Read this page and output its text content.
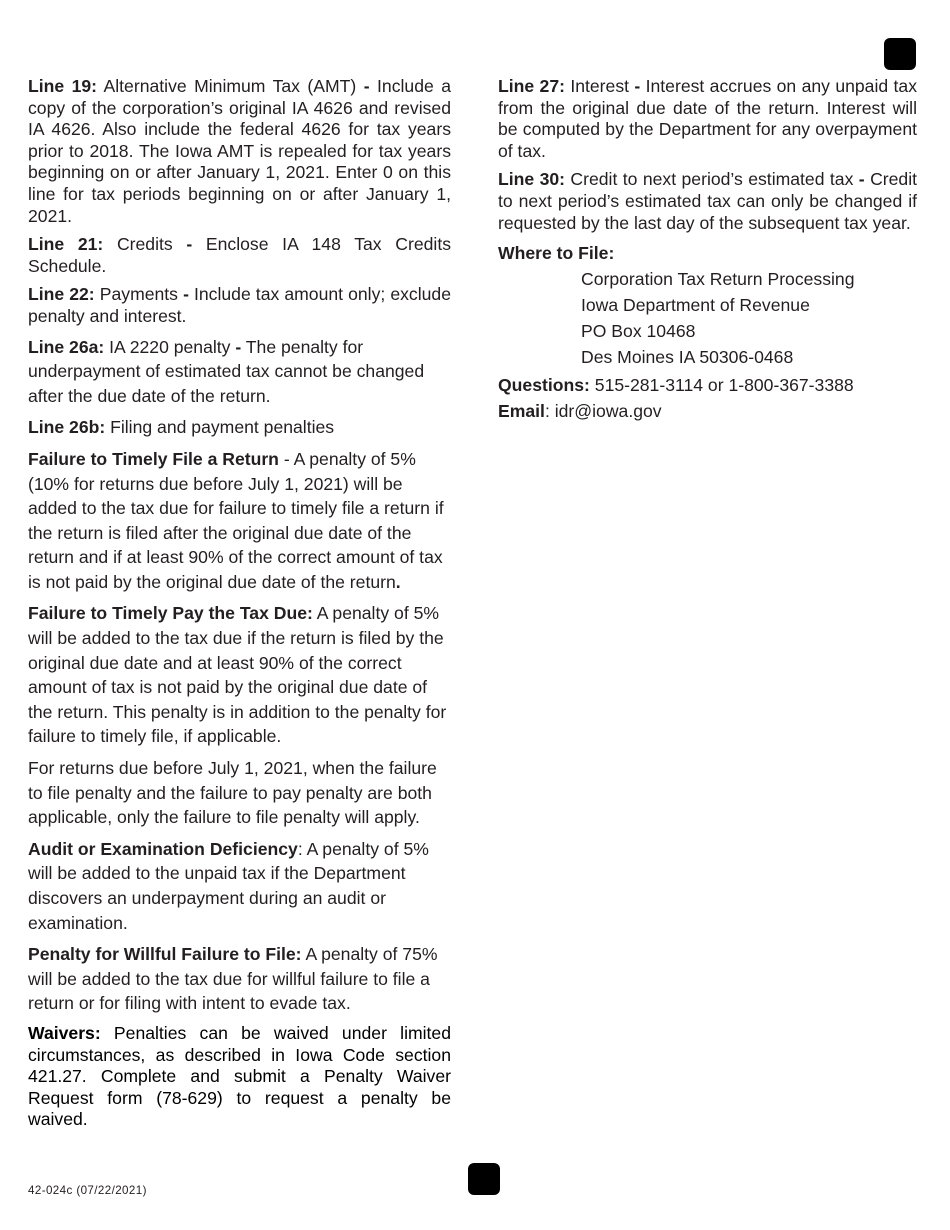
Line 19: Alternative Minimum Tax (AMT) - Include a copy of the corporation’s original IA 4626 and revised IA 4626. Also include the federal 4626 for tax years prior to 2018. The Iowa AMT is repealed for tax years beginning on or after January 1, 2021. Enter 0 on this line for tax periods beginning on or after January 1, 2021.

Line 21: Credits - Enclose IA 148 Tax Credits Schedule.

Line 22: Payments - Include tax amount only; exclude penalty and interest.

Line 26a: IA 2220 penalty - The penalty for underpayment of estimated tax cannot be changed after the due date of the return.

Line 26b: Filing and payment penalties

Failure to Timely File a Return - A penalty of 5% (10% for returns due before July 1, 2021) will be added to the tax due for failure to timely file a return if the return is filed after the original due date of the return and if at least 90% of the correct amount of tax is not paid by the original due date of the return.

Failure to Timely Pay the Tax Due: A penalty of 5% will be added to the tax due if the return is filed by the original due date and at least 90% of the correct amount of tax is not paid by the original due date of the return. This penalty is in addition to the penalty for failure to timely file, if applicable.

For returns due before July 1, 2021, when the failure to file penalty and the failure to pay penalty are both applicable, only the failure to file penalty will apply.

Audit or Examination Deficiency: A penalty of 5% will be added to the unpaid tax if the Department discovers an underpayment during an audit or examination.

Penalty for Willful Failure to File: A penalty of 75% will be added to the tax due for willful failure to file a return or for filing with intent to evade tax.

Waivers: Penalties can be waived under limited circumstances, as described in Iowa Code section 421.27. Complete and submit a Penalty Waiver Request form (78-629) to request a penalty be waived.

Line 27: Interest - Interest accrues on any unpaid tax from the original due date of the return. Interest will be computed by the Department for any overpayment of tax.

Line 30: Credit to next period’s estimated tax - Credit to next period’s estimated tax can only be changed if requested by the last day of the subsequent tax year.

Where to File:

Corporation Tax Return Processing
Iowa Department of Revenue
PO Box 10468
Des Moines IA 50306-0468

Questions: 515-281-3114 or 1-800-367-3388

Email: idr@iowa.gov

42-024c (07/22/2021)
